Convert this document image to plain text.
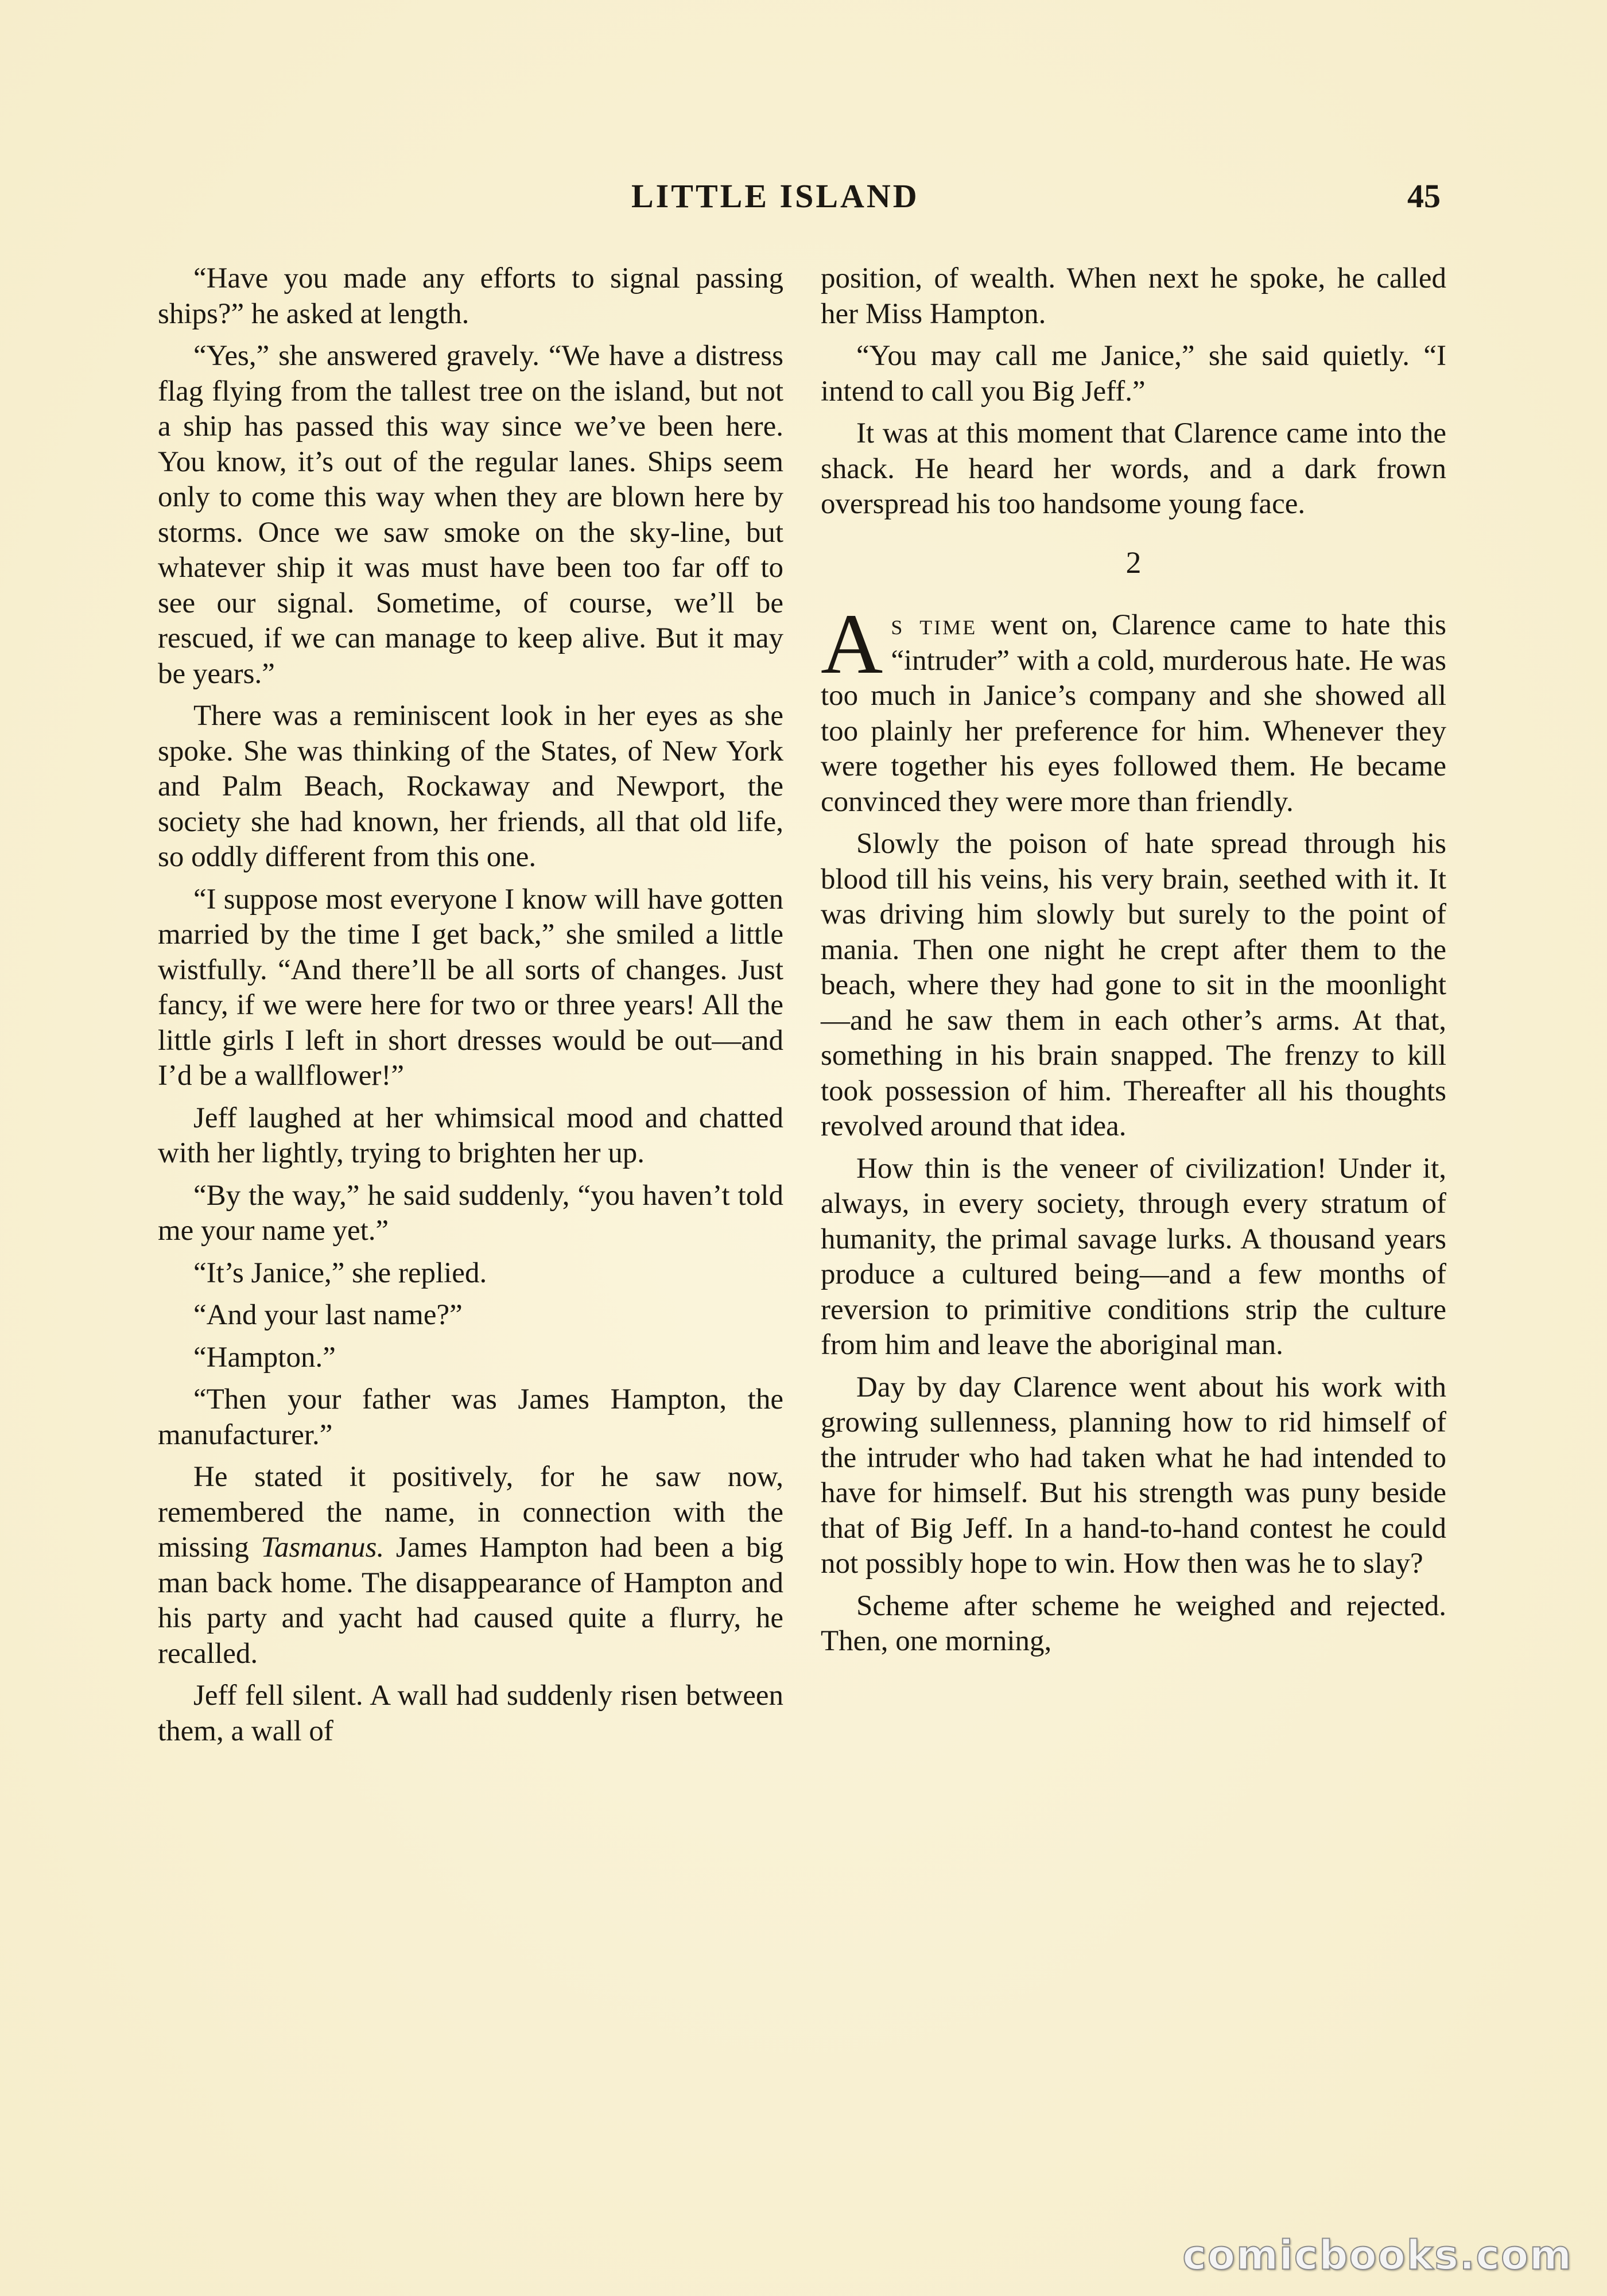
LITTLE ISLAND	45

“Have you made any efforts to signal passing ships?” he asked at length.

“Yes,” she answered gravely. “We have a distress flag flying from the tallest tree on the island, but not a ship has passed this way since we’ve been here. You know, it’s out of the regular lanes. Ships seem only to come this way when they are blown here by storms. Once we saw smoke on the sky-line, but whatever ship it was must have been too far off to see our signal. Sometime, of course, we’ll be rescued, if we can manage to keep alive. But it may be years.”

There was a reminiscent look in her eyes as she spoke. She was thinking of the States, of New York and Palm Beach, Rockaway and Newport, the society she had known, her friends, all that old life, so oddly different from this one.

“I suppose most everyone I know will have gotten married by the time I get back,” she smiled a little wistfully. “And there’ll be all sorts of changes. Just fancy, if we were here for two or three years! All the little girls I left in short dresses would be out—and I’d be a wallflower!”

Jeff laughed at her whimsical mood and chatted with her lightly, trying to brighten her up.

“By the way,” he said suddenly, “you haven’t told me your name yet.”

“It’s Janice,” she replied.

“And your last name?”

“Hampton.”

“Then your father was James Hampton, the manufacturer.”

He stated it positively, for he saw now, remembered the name, in connection with the missing Tasmanus. James Hampton had been a big man back home. The disappearance of Hampton and his party and yacht had caused quite a flurry, he recalled.

Jeff fell silent. A wall had suddenly risen between them, a wall of

position, of wealth. When next he spoke, he called her Miss Hampton.

“You may call me Janice,” she said quietly. “I intend to call you Big Jeff.”

It was at this moment that Clarence came into the shack. He heard her words, and a dark frown overspread his too handsome young face.

2

As time went on, Clarence came to hate this “intruder” with a cold, murderous hate. He was too much in Janice’s company and she showed all too plainly her preference for him. Whenever they were together his eyes followed them. He became convinced they were more than friendly.

Slowly the poison of hate spread through his blood till his veins, his very brain, seethed with it. It was driving him slowly but surely to the point of mania. Then one night he crept after them to the beach, where they had gone to sit in the moonlight —and he saw them in each other’s arms. At that, something in his brain snapped. The frenzy to kill took possession of him. Thereafter all his thoughts revolved around that idea.

How thin is the veneer of civilization! Under it, always, in every society, through every stratum of humanity, the primal savage lurks. A thousand years produce a cultured being—and a few months of reversion to primitive conditions strip the culture from him and leave the aboriginal man.

Day by day Clarence went about his work with growing sullenness, planning how to rid himself of the intruder who had taken what he had intended to have for himself. But his strength was puny beside that of Big Jeff. In a hand-to-hand contest he could not possibly hope to win. How then was he to slay?

Scheme after scheme he weighed and rejected. Then, one morning,

comicbooks.com
